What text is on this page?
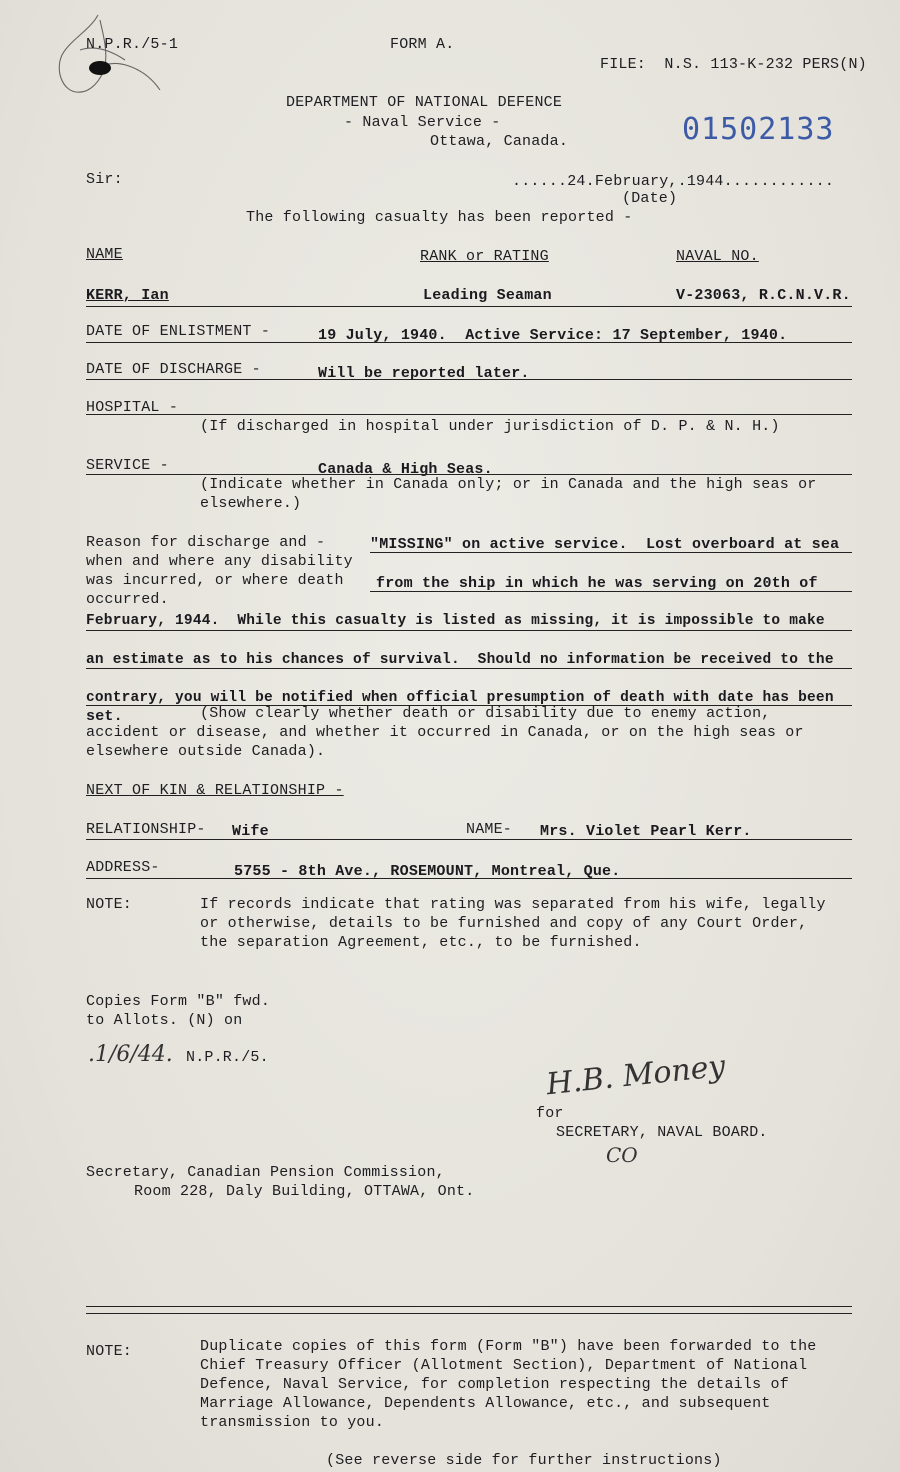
N.P.R./5-1	FORM A.
FILE:  N.S. 113-K-232 PERS(N)
DEPARTMENT OF NATIONAL DEFENCE
- Naval Service -
Ottawa, Canada.	01502133
Sir:	......24.February,.1944............
(Date)
The following casualty has been reported -
NAME	RANK or RATING	NAVAL NO.
KERR, Ian	Leading Seaman	V-23063, R.C.N.V.R.
DATE OF ENLISTMENT -	19 July, 1940.  Active Service: 17 September, 1940.
DATE OF DISCHARGE -	Will be reported later.
HOSPITAL -
(If discharged in hospital under jurisdiction of D. P. & N. H.)
SERVICE -	Canada & High Seas.
(Indicate whether in Canada only; or in Canada and the high seas or
elsewhere.)
Reason for discharge and -
when and where any disability
was incurred, or where death
occurred.
"MISSING" on active service.  Lost overboard at sea
from the ship in which he was serving on 20th of
February, 1944.  While this casualty is listed as missing, it is impossible to make
an estimate as to his chances of survival.  Should no information be received to the
contrary, you will be notified when official presumption of death with date has been
set.	(Show clearly whether death or disability due to enemy action,
accident or disease, and whether it occurred in Canada, or on the high seas or
elsewhere outside Canada).
NEXT OF KIN & RELATIONSHIP -
RELATIONSHIP- Wife	NAME- Mrs. Violet Pearl Kerr.
ADDRESS-	5755 - 8th Ave., ROSEMOUNT, Montreal, Que.
NOTE:	If records indicate that rating was separated from his wife, legally
or otherwise, details to be furnished and copy of any Court Order,
the separation Agreement, etc., to be furnished.
Copies Form "B" fwd.
to Allots. (N) on
.1/6/44. N.P.R./5.	H.B. Money
for
SECRETARY, NAVAL BOARD.
CO
Secretary, Canadian Pension Commission,
Room 228, Daly Building, OTTAWA, Ont.
NOTE:	Duplicate copies of this form (Form "B") have been forwarded to the
Chief Treasury Officer (Allotment Section), Department of National
Defence, Naval Service, for completion respecting the details of
Marriage Allowance, Dependents Allowance, etc., and subsequent
transmission to you.
(See reverse side for further instructions)
